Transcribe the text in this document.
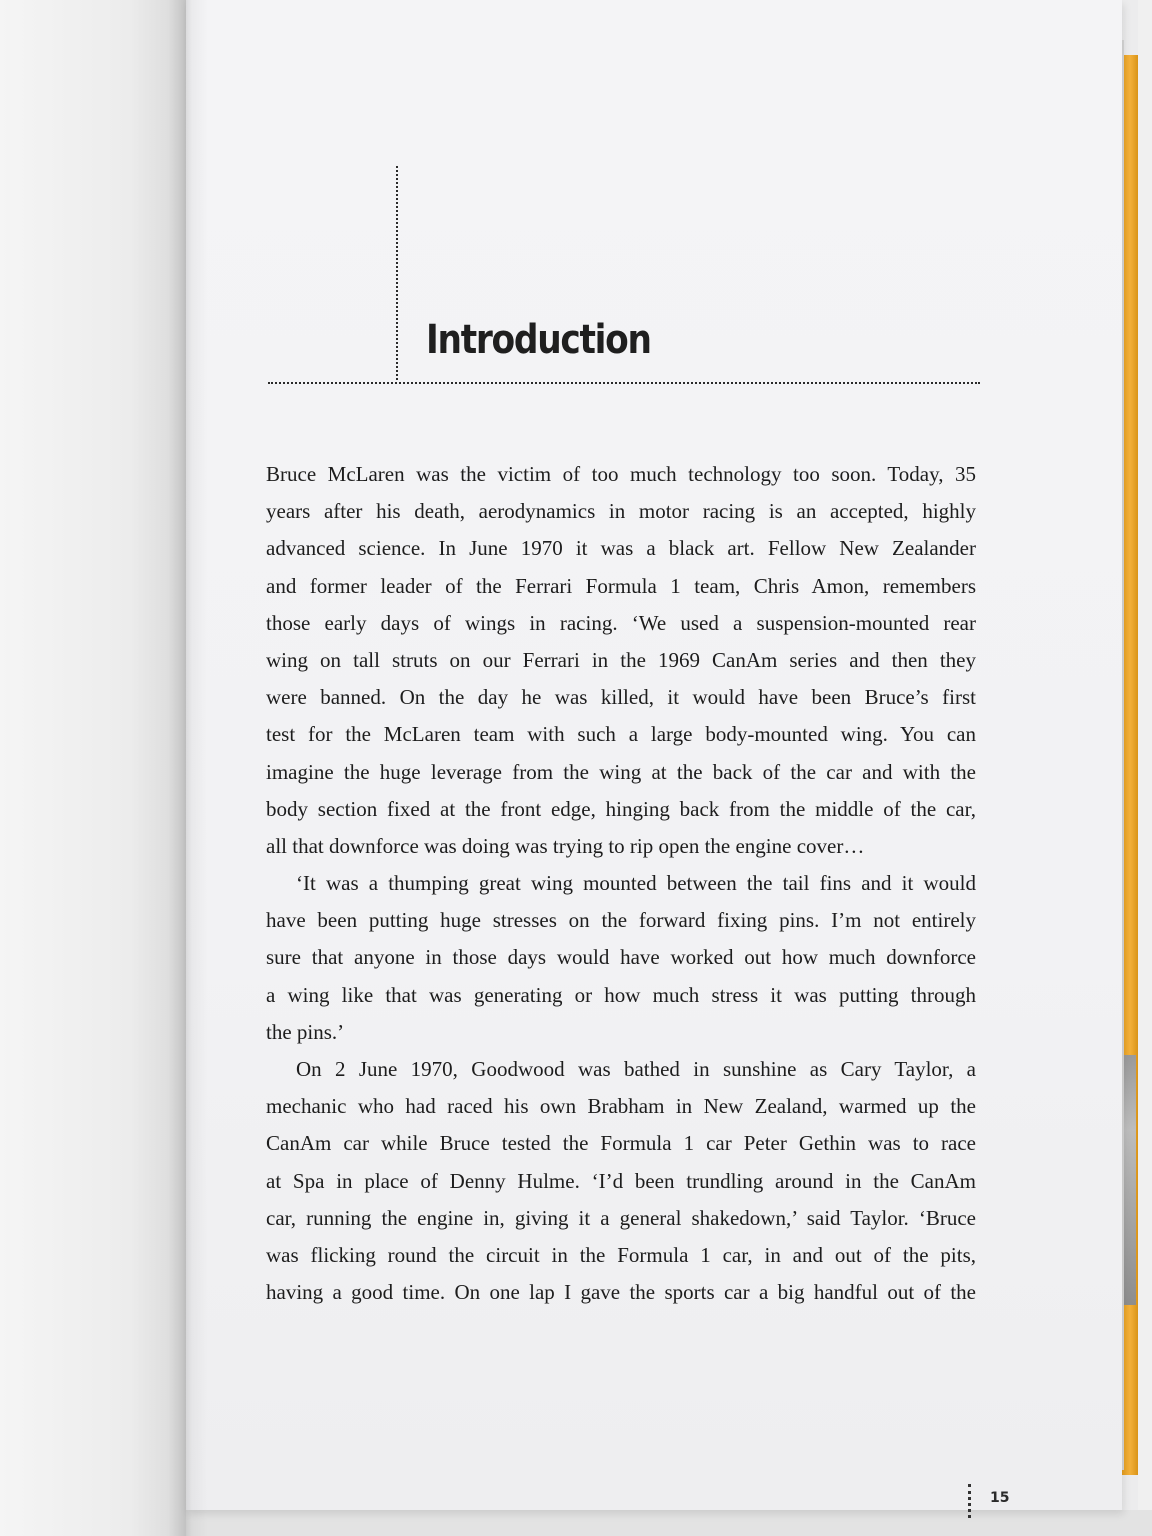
Introduction
Bruce McLaren was the victim of too much technology too soon. Today, 35
years after his death, aerodynamics in motor racing is an accepted, highly
advanced science. In June 1970 it was a black art. Fellow New Zealander
and former leader of the Ferrari Formula 1 team, Chris Amon, remembers
those early days of wings in racing. ‘We used a suspension-mounted rear
wing on tall struts on our Ferrari in the 1969 CanAm series and then they
were banned. On the day he was killed, it would have been Bruce’s first
test for the McLaren team with such a large body-mounted wing. You can
imagine the huge leverage from the wing at the back of the car and with the
body section fixed at the front edge, hinging back from the middle of the car,
all that downforce was doing was trying to rip open the engine cover…
‘It was a thumping great wing mounted between the tail fins and it would
have been putting huge stresses on the forward fixing pins. I’m not entirely
sure that anyone in those days would have worked out how much downforce
a wing like that was generating or how much stress it was putting through
the pins.’
On 2 June 1970, Goodwood was bathed in sunshine as Cary Taylor, a
mechanic who had raced his own Brabham in New Zealand, warmed up the
CanAm car while Bruce tested the Formula 1 car Peter Gethin was to race
at Spa in place of Denny Hulme. ‘I’d been trundling around in the CanAm
car, running the engine in, giving it a general shakedown,’ said Taylor. ‘Bruce
was flicking round the circuit in the Formula 1 car, in and out of the pits,
having a good time. On one lap I gave the sports car a big handful out of the
15
